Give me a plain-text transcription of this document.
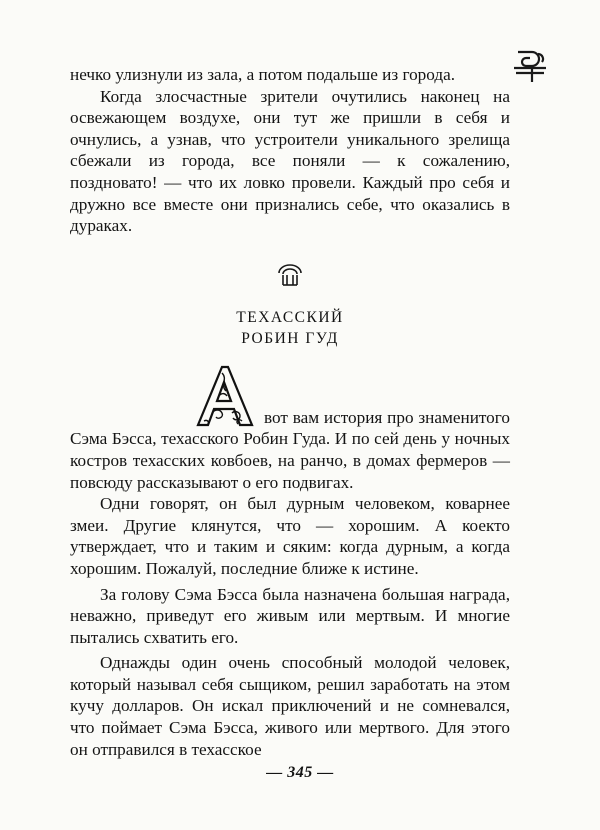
нечко улизнули из зала, а потом подальше из города.

Когда злосчастные зрители очутились наконец на освежающем воздухе, они тут же пришли в себя и очнулись, а узнав, что устроители уникального зрелища сбежали из города, все поняли — к сожалению, поздновато! — что их ловко провели. Каждый про себя и дружно все вместе они признались себе, что оказались в дураках.

ТЕХАССКИЙ

РОБИН ГУД

вот вам история про знаменитого Сэма Бэсса, техасского Робин Гуда. И по сей день у ночных костров техасских ковбоев, на ранчо, в домах фермеров — повсюду рассказывают о его подвигах.

Одни говорят, он был дурным человеком, коварнее змеи. Другие клянутся, что — хорошим. А коекто утверждает, что и таким и сяким: когда дурным, а когда хорошим. Пожалуй, последние ближе к истине.

За голову Сэма Бэсса была назначена большая награда, неважно, приведут его живым или мертвым. И многие пытались схватить его.

Однажды один очень способный молодой человек, который называл себя сыщиком, решил заработать на этом кучу долларов. Он искал приключений и не сомневался, что поймает Сэма Бэсса, живого или мертвого. Для этого он отправился в техасское

— 345 —
